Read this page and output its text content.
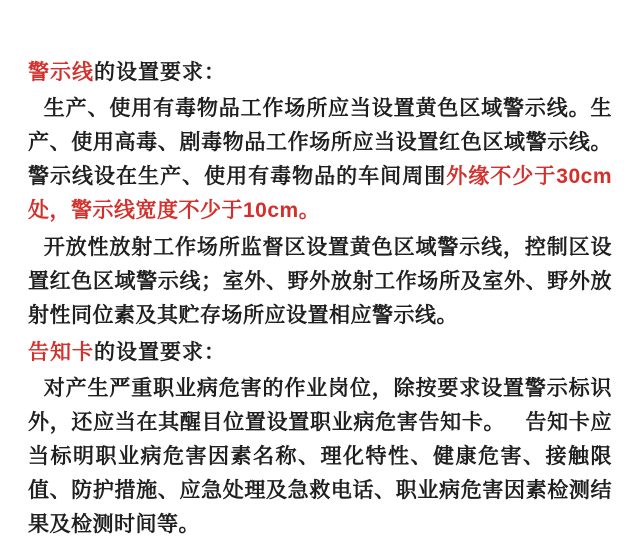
警示线的设置要求：

生产、使用有毒物品工作场所应当设置黄色区域警示线。生产、使用高毒、剧毒物品工作场所应当设置红色区域警示线。警示线设在生产、使用有毒物品的车间周围外缘不少于30cm处，警示线宽度不少于10cm。

开放性放射工作场所监督区设置黄色区域警示线，控制区设置红色区域警示线；室外、野外放射工作场所及室外、野外放射性同位素及其贮存场所应设置相应警示线。

告知卡的设置要求：

对产生严重职业病危害的作业岗位，除按要求设置警示标识外，还应当在其醒目位置设置职业病危害告知卡。 告知卡应当标明职业病危害因素名称、理化特性、健康危害、接触限值、防护措施、应急处理及急救电话、职业病危害因素检测结果及检测时间等。
